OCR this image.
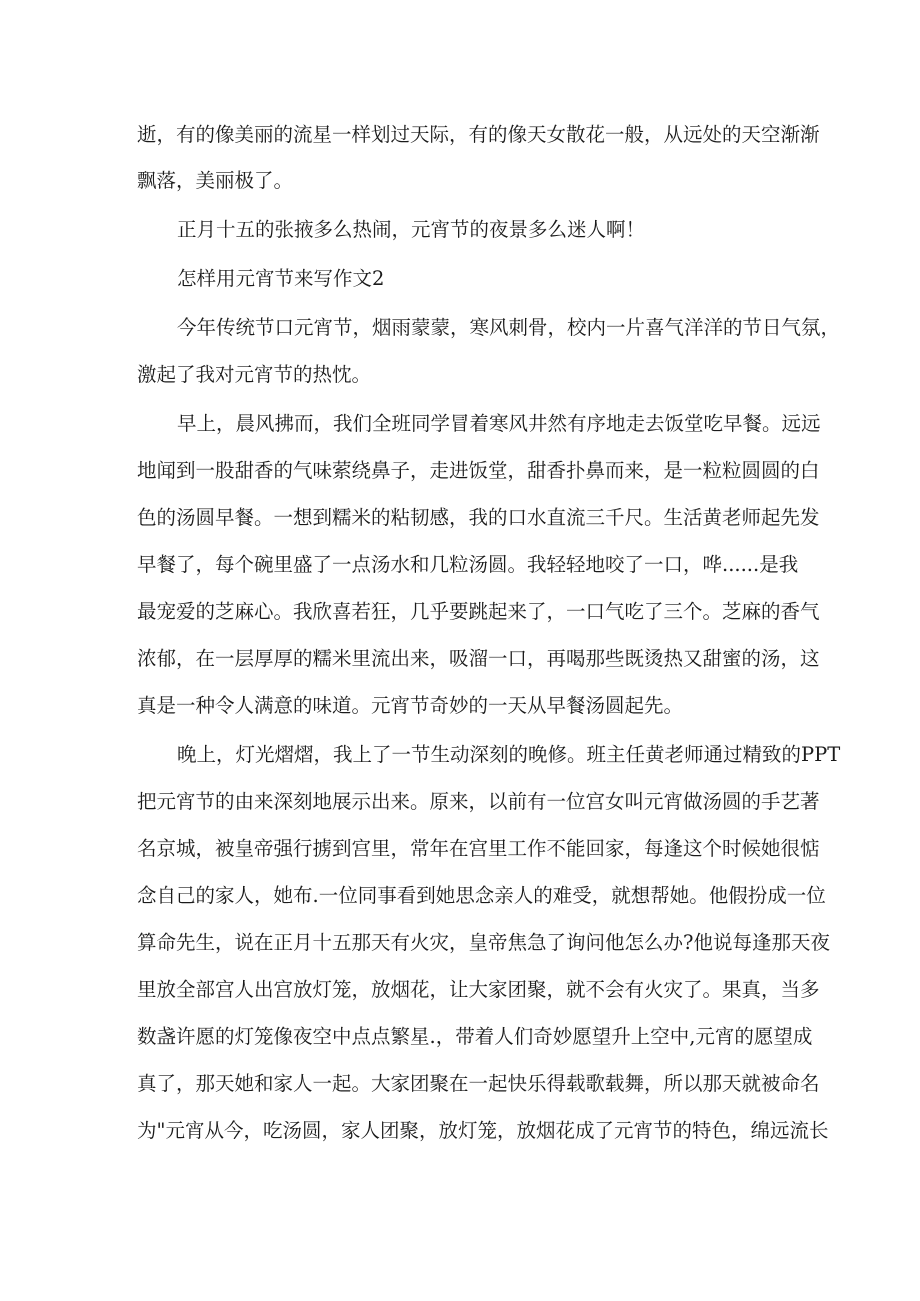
逝，有的像美丽的流星一样划过天际，有的像天女散花一般，从远处的天空渐渐
飘落，美丽极了。
正月十五的张掖多么热闹，元宵节的夜景多么迷人啊！
怎样用元宵节来写作文2
今年传统节口元宵节，烟雨蒙蒙，寒风刺骨，校内一片喜气洋洋的节日气氛，
激起了我对元宵节的热忱。
早上，晨风拂而，我们全班同学冒着寒风井然有序地走去饭堂吃早餐。远远
地闻到一股甜香的气味萦绕鼻子，走进饭堂，甜香扑鼻而来，是一粒粒圆圆的白
色的汤圆早餐。一想到糯米的粘韧感，我的口水直流三千尺。生活黄老师起先发
早餐了，每个碗里盛了一点汤水和几粒汤圆。我轻轻地咬了一口，哗......是我
最宠爱的芝麻心。我欣喜若狂，几乎要跳起来了，一口气吃了三个。芝麻的香气
浓郁，在一层厚厚的糯米里流出来，吸溜一口，再喝那些既烫热又甜蜜的汤，这
真是一种令人满意的味道。元宵节奇妙的一天从早餐汤圆起先。
晚上，灯光熠熠，我上了一节生动深刻的晚修。班主任黄老师通过精致的PPT
把元宵节的由来深刻地展示出来。原来，以前有一位宫女叫元宵做汤圆的手艺著
名京城，被皇帝强行掳到宫里，常年在宫里工作不能回家，每逢这个时候她很惦
念自己的家人，她布.一位同事看到她思念亲人的难受，就想帮她。他假扮成一位
算命先生，说在正月十五那天有火灾，皇帝焦急了询问他怎么办?他说每逢那天夜
里放全部宫人出宫放灯笼，放烟花，让大家团聚，就不会有火灾了。果真，当多
数盏许愿的灯笼像夜空中点点繁星.，带着人们奇妙愿望升上空中,元宵的愿望成
真了，那天她和家人一起。大家团聚在一起快乐得载歌载舞，所以那天就被命名
为"元宵从今，吃汤圆，家人团聚，放灯笼，放烟花成了元宵节的特色，绵远流长
